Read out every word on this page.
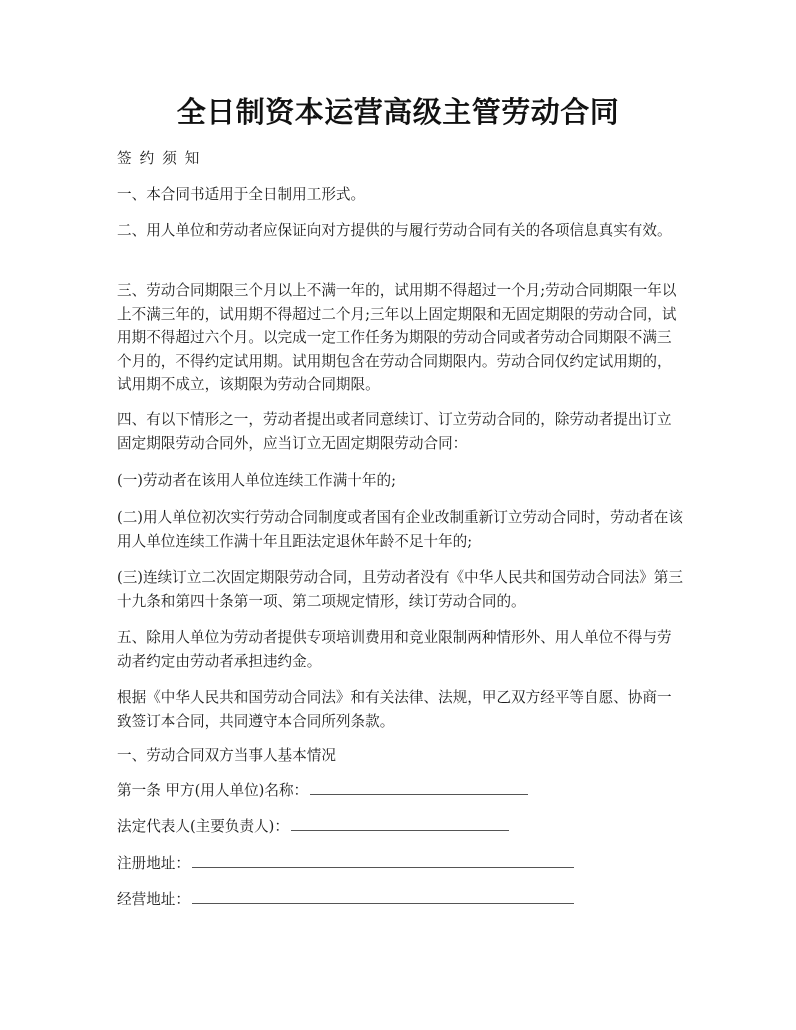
全日制资本运营高级主管劳动合同

签约须知

一、本合同书适用于全日制用工形式。

二、用人单位和劳动者应保证向对方提供的与履行劳动合同有关的各项信息真实有效。

三、劳动合同期限三个月以上不满一年的，试用期不得超过一个月;劳动合同期限一年以上不满三年的，试用期不得超过二个月;三年以上固定期限和无固定期限的劳动合同，试用期不得超过六个月。以完成一定工作任务为期限的劳动合同或者劳动合同期限不满三个月的，不得约定试用期。试用期包含在劳动合同期限内。劳动合同仅约定试用期的，试用期不成立，该期限为劳动合同期限。

四、有以下情形之一，劳动者提出或者同意续订、订立劳动合同的，除劳动者提出订立固定期限劳动合同外，应当订立无固定期限劳动合同：

(一)劳动者在该用人单位连续工作满十年的;

(二)用人单位初次实行劳动合同制度或者国有企业改制重新订立劳动合同时，劳动者在该用人单位连续工作满十年且距法定退休年龄不足十年的;

(三)连续订立二次固定期限劳动合同，且劳动者没有《中华人民共和国劳动合同法》第三十九条和第四十条第一项、第二项规定情形，续订劳动合同的。

五、除用人单位为劳动者提供专项培训费用和竞业限制两种情形外、用人单位不得与劳动者约定由劳动者承担违约金。

根据《中华人民共和国劳动合同法》和有关法律、法规，甲乙双方经平等自愿、协商一致签订本合同，共同遵守本合同所列条款。

一、劳动合同双方当事人基本情况

第一条 甲方(用人单位)名称：
法定代表人(主要负责人)：
注册地址：
经营地址：
